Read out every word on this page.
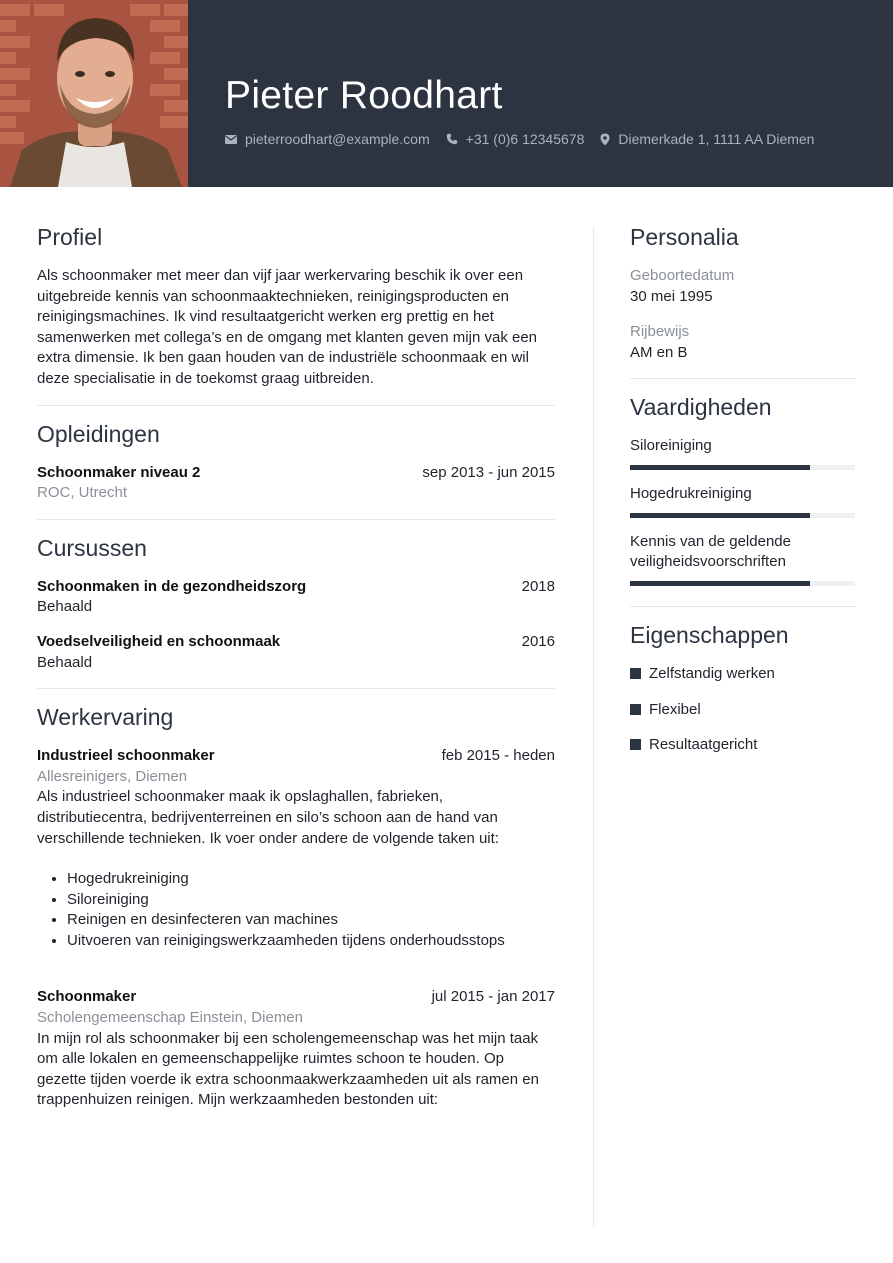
Pieter Roodhart
pieterroodhart@example.com	+31 (0)6 12345678 Diemerkade 1, 1111 AA Diemen
Profiel

Als schoonmaker met meer dan vijf jaar werkervaring beschik ik over een uitgebreide kennis van schoonmaaktechnieken, reinigingsproducten en reinigingsmachines. Ik vind resultaatgericht werken erg prettig en het samenwerken met collega’s en de omgang met klanten geven mijn vak een extra dimensie. Ik ben gaan houden van de industriële schoonmaak en wil deze specialisatie in de toekomst graag uitbreiden.

Opleidingen
Schoonmaker niveau 2	sep 2013 - jun 2015
ROC, Utrecht
Cursussen
Schoonmaken in de gezondheidszorg	2018
Behaald
Voedselveiligheid en schoonmaak	2016
Behaald
Werkervaring
Industrieel schoonmaker	feb 2015 - heden
Allesreinigers, Diemen

Als industrieel schoonmaker maak ik opslaghallen, fabrieken, distributiecentra, bedrijventerreinen en silo’s schoon aan de hand van verschillende technieken. Ik voer onder andere de volgende taken uit:

• Hogedrukreiniging
• Siloreiniging
• Reinigen en desinfecteren van machines
• Uitvoeren van reinigingswerkzaamheden tijdens onderhoudsstops
Schoonmaker	jul 2015 - jan 2017
Scholengemeenschap Einstein, Diemen

In mijn rol als schoonmaker bij een scholengemeenschap was het mijn taak om alle lokalen en gemeenschappelijke ruimtes schoon te houden. Op gezette tijden voerde ik extra schoonmaakwerkzaamheden uit als ramen en trappenhuizen reinigen. Mijn werkzaamheden bestonden uit:

Personalia
Geboortedatum
30 mei 1995
Rijbewijs
AM en B
Vaardigheden
Siloreiniging
Hogedrukreiniging
Kennis van de geldende veiligheidsvoorschriften
Eigenschappen
Zelfstandig werken
Flexibel
Resultaatgericht
